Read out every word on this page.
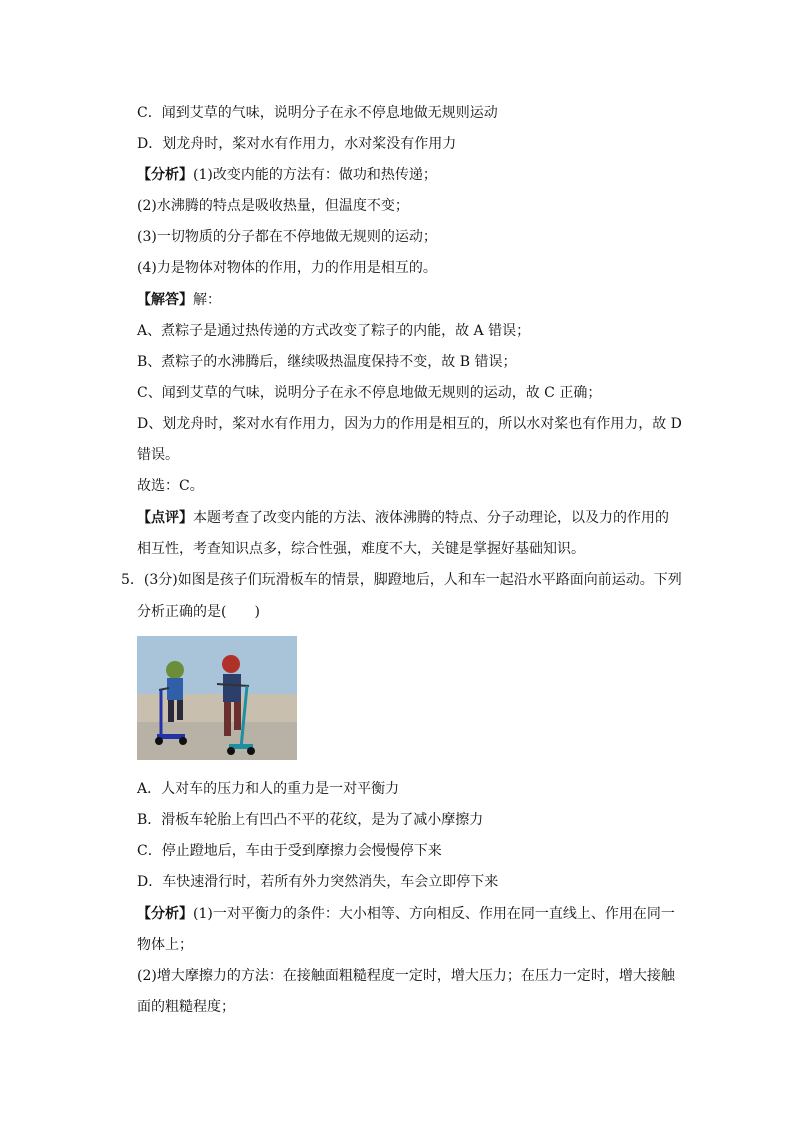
C．闻到艾草的气味，说明分子在永不停息地做无规则运动
D．划龙舟时，桨对水有作用力，水对桨没有作用力
【分析】(1)改变内能的方法有：做功和热传递；
(2)水沸腾的特点是吸收热量，但温度不变；
(3)一切物质的分子都在不停地做无规则的运动；
(4)力是物体对物体的作用，力的作用是相互的。
【解答】解：
A、煮粽子是通过热传递的方式改变了粽子的内能，故 A 错误；
B、煮粽子的水沸腾后，继续吸热温度保持不变，故 B 错误；
C、闻到艾草的气味，说明分子在永不停息地做无规则的运动，故 C 正确；
D、划龙舟时，桨对水有作用力，因为力的作用是相互的，所以水对桨也有作用力，故 D
错误。
故选：C。
【点评】本题考查了改变内能的方法、液体沸腾的特点、分子动理论，以及力的作用的
相互性，考查知识点多，综合性强，难度不大，关键是掌握好基础知识。
5．(3分)如图是孩子们玩滑板车的情景，脚蹬地后，人和车一起沿水平路面向前运动。下列
分析正确的是(　　)
A．人对车的压力和人的重力是一对平衡力
B．滑板车轮胎上有凹凸不平的花纹，是为了减小摩擦力
C．停止蹬地后，车由于受到摩擦力会慢慢停下来
D．车快速滑行时，若所有外力突然消失，车会立即停下来
【分析】(1)一对平衡力的条件：大小相等、方向相反、作用在同一直线上、作用在同一
物体上；
(2)增大摩擦力的方法：在接触面粗糙程度一定时，增大压力；在压力一定时，增大接触
面的粗糙程度；
